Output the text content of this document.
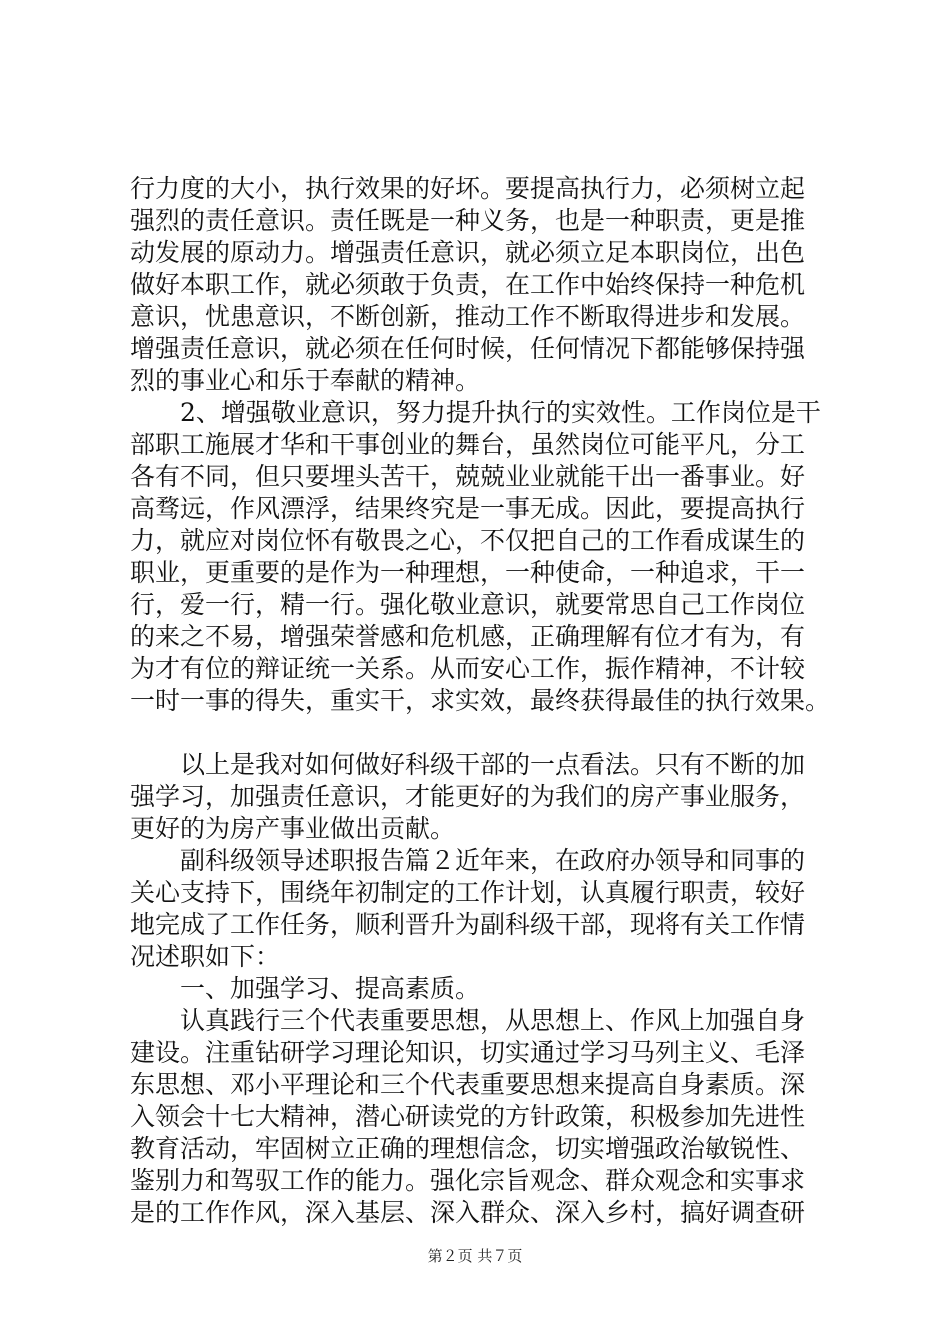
行力度的大小，执行效果的好坏。要提高执行力，必须树立起
强烈的责任意识。责任既是一种义务，也是一种职责，更是推
动发展的原动力。增强责任意识，就必须立足本职岗位，出色
做好本职工作，就必须敢于负责，在工作中始终保持一种危机
意识，忧患意识，不断创新，推动工作不断取得进步和发展。
增强责任意识，就必须在任何时候，任何情况下都能够保持强
烈的事业心和乐于奉献的精神。
　　2、增强敬业意识，努力提升执行的实效性。工作岗位是干
部职工施展才华和干事创业的舞台，虽然岗位可能平凡，分工
各有不同，但只要埋头苦干，兢兢业业就能干出一番事业。好
高骛远，作风漂浮，结果终究是一事无成。因此，要提高执行
力，就应对岗位怀有敬畏之心，不仅把自己的工作看成谋生的
职业，更重要的是作为一种理想，一种使命，一种追求，干一
行，爱一行，精一行。强化敬业意识，就要常思自己工作岗位
的来之不易，增强荣誉感和危机感，正确理解有位才有为，有
为才有位的辩证统一关系。从而安心工作，振作精神，不计较
一时一事的得失，重实干，求实效，最终获得最佳的执行效果。
　　以上是我对如何做好科级干部的一点看法。只有不断的加
强学习，加强责任意识，才能更好的为我们的房产事业服务，
更好的为房产事业做出贡献。
　　副科级领导述职报告篇２近年来，在政府办领导和同事的
关心支持下，围绕年初制定的工作计划，认真履行职责，较好
地完成了工作任务，顺利晋升为副科级干部，现将有关工作情
况述职如下：
　　一、加强学习、提高素质。
　　认真践行三个代表重要思想，从思想上、作风上加强自身
建设。注重钻研学习理论知识，切实通过学习马列主义、毛泽
东思想、邓小平理论和三个代表重要思想来提高自身素质。深
入领会十七大精神，潜心研读党的方针政策，积极参加先进性
教育活动，牢固树立正确的理想信念，切实增强政治敏锐性、
鉴别力和驾驭工作的能力。强化宗旨观念、群众观念和实事求
是的工作作风，深入基层、深入群众、深入乡村，搞好调查研
第２页 共７页
